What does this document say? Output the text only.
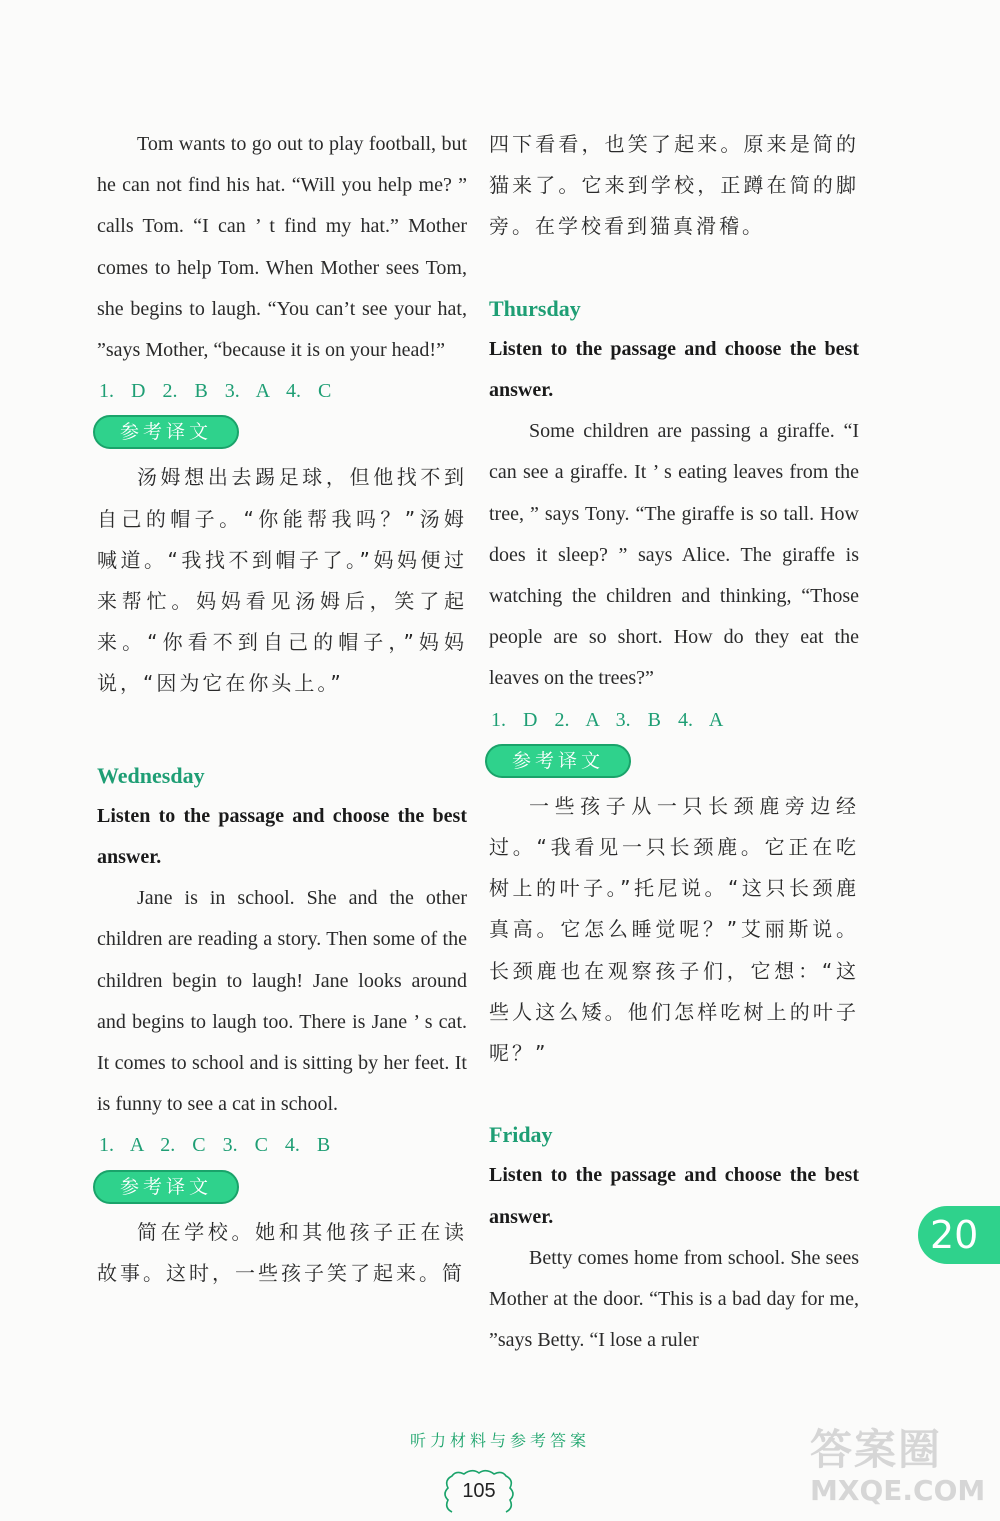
Tom wants to go out to play football, but he can not find his hat. “Will you help me? ” calls Tom. “I can ’ t find my hat.” Mother comes to help Tom. When Mother sees Tom, she begins to laugh. “You can’t see your hat, ”says Mother, “because it is on your head!”

1. D 2. B 3. A 4. C

参考译文

汤姆想出去踢足球，但他找不到自己的帽子。“你能帮我吗？”汤姆喊道。“我找不到帽子了。”妈妈便过来帮忙。妈妈看见汤姆后，笑了起来。“你看不到自己的帽子，”妈妈说，“因为它在你头上。”

Wednesday

Listen to the passage and choose the best answer.

Jane is in school. She and the other children are reading a story. Then some of the children begin to laugh! Jane looks around and begins to laugh too. There is Jane ’ s cat. It comes to school and is sitting by her feet. It is funny to see a cat in school.

1. A 2. C 3. C 4. B

参考译文

简在学校。她和其他孩子正在读故事。这时，一些孩子笑了起来。简

四下看看，也笑了起来。原来是简的猫来了。它来到学校，正蹲在简的脚旁。在学校看到猫真滑稽。

Thursday

Listen to the passage and choose the best answer.

Some children are passing a giraffe. “I can see a giraffe. It ’ s eating leaves from the tree, ” says Tony. “The giraffe is so tall. How does it sleep? ” says Alice. The giraffe is watching the children and thinking, “Those people are so short. How do they eat the leaves on the trees?”

1. D 2. A 3. B 4. A

参考译文

一些孩子从一只长颈鹿旁边经过。“我看见一只长颈鹿。它正在吃树上的叶子。”托尼说。“这只长颈鹿真高。它怎么睡觉呢？”艾丽斯说。长颈鹿也在观察孩子们，它想：“这些人这么矮。他们怎样吃树上的叶子呢？”

Friday

Listen to the passage and choose the best answer.

Betty comes home from school. She sees Mother at the door. “This is a bad day for me, ”says Betty. “I lose a ruler

20
听力材料与参考答案
105
答案圈
MXQE.COM
